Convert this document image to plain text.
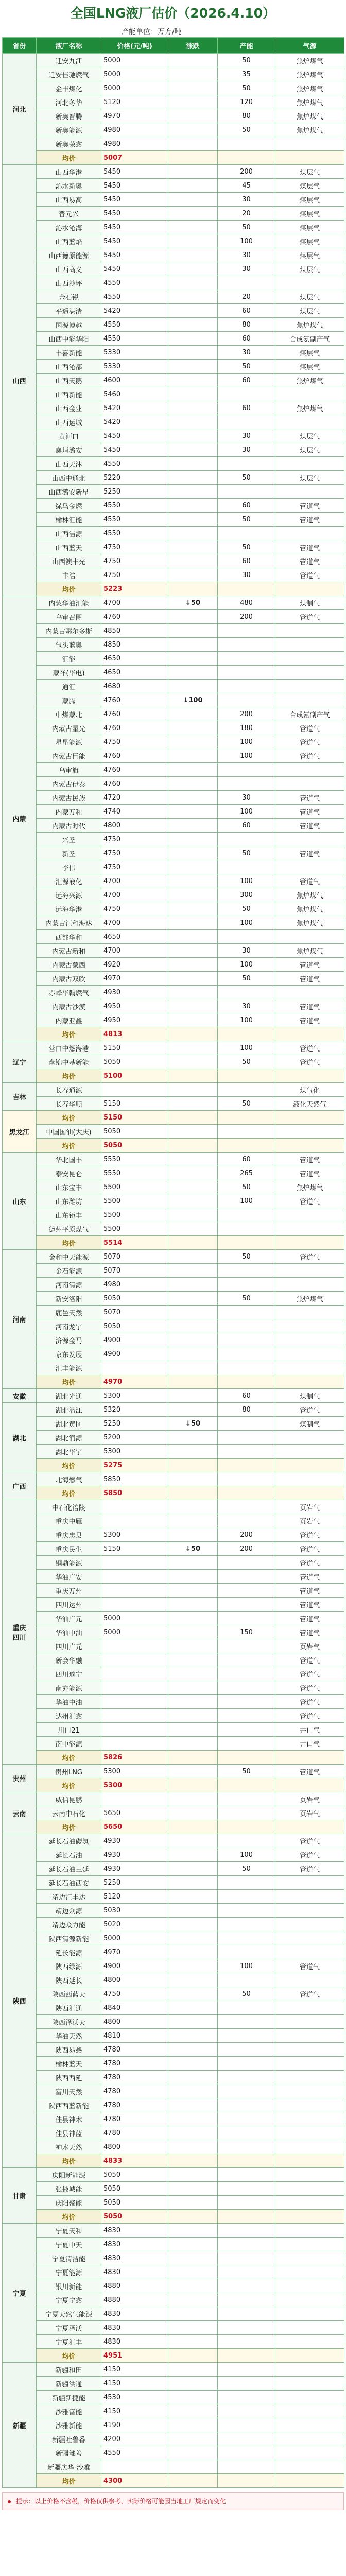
全国LNG液厂估价（2026.4.10）
产能单位：万方/吨
省份	液厂名称	价格(元/吨)	涨跌	产能	气源
河北	迁安九江	5000		50	焦炉煤气
	迁安佳驰燃气	5000		35	焦炉煤气
	金丰煤化	5000		50	焦炉煤气
	河北冬华	5120		120	焦炉煤气
	新奥晋腾	4970		80	焦炉煤气
	新奥能源	4980		50	焦炉煤气
	新奥荣鑫	4980			
	均价	5007			
山西	山西华港	5450		200	煤层气
	沁水新奥	5450		45	煤层气
	山西易高	5450		30	煤层气
	晋元兴	5450		20	煤层气
	沁水沁海	5450		50	煤层气
	山西蓝焰	5450		100	煤层气
	山西德原能源	5450		30	煤层气
	山西高义	5450		30	煤层气
	山西沙坪	4550			
	金石锐	4550		20	煤层气
	平遥湛清	5420		60	煤层气
	国源博越	4550		80	焦炉煤气
	山西中能华阳	4550		60	合成氨副产气
	丰喜新能	5330		30	煤层气
	山西沁都	5330		50	煤层气
	山西天鹅	4600		60	焦炉煤气
	山西新能	5460			
	山西金业	5420		60	焦炉煤气
	山西运城	5420			
	黄河口	5450		30	煤层气
	襄垣潞安	5450		30	煤层气
	山西天沐	4550			
	山西中通北	5220		50	煤层气
	山西潞安新星	5250			
	绿乌金燃	4550		60	管道气
	榆林汇能	4550		50	管道气
	山西洁源	4550			
	山西蓝天	4750		50	管道气
	山西澳丰光	4750		60	管道气
	丰浩	4750		30	管道气
	均价	5223			
内蒙	内蒙华油汇能	4700	↓50	480	煤制气
	乌审召图	4760		200	管道气
	内蒙古鄂尔多斯	4850			
	包头蓝奥	4850			
	汇能	4650			
	蒙祥(华电)	4650			
	通汇	4680			
	蒙腾	4760	↓100		
	中煤蒙北	4760		200	合成氨副产气
	内蒙古星光	4760		180	管道气
	星星能源	4750		100	管道气
	内蒙古巨能	4760		100	管道气
	乌审旗	4760			
	内蒙古伊泰	4760			
	内蒙古民族	4720		30	管道气
	内蒙万和	4740		100	管道气
	内蒙古时代	4800		60	管道气
	兴圣	4750			
	新圣	4750		50	管道气
	李伟	4750			
	汇源液化	4700		100	管道气
	远海兴源	4700		300	焦炉煤气
	远海华港	4750		50	焦炉煤气
	内蒙古汇和海达	4700		100	焦炉煤气
	西部华和	4650			
	内蒙古新和	4700		30	焦炉煤气
	内蒙古蒙西	4920		100	管道气
	内蒙古双欣	4970		50	管道气
	赤峰华翰燃气	4930			
	内蒙古沙漠	4950		30	管道气
	内蒙亚鑫	4950		100	管道气
	均价	4813			
辽宁	营口中燃海港	5150		100	管道气
	盘锦中基新能	5050		50	管道气
	均价	5100			
吉林	长春通源				煤气化
	长春华顺	5150		50	液化天然气
黑龙江	均价	5150			
	中国国油(大庆)	5050			
	均价	5050			
山东	华北国丰	5550		60	管道气
	泰安昆仑	5550		265	管道气
	山东宝丰	5500		50	焦炉煤气
	山东潍坊	5500		100	管道气
	山东钜丰	5500			
	德州平原煤气	5500			
	均价	5514			
河南	金和中天能源	5070		50	管道气
	金石能源	5070			
	河南清源	4980			
	新安洛阳	5050		50	焦炉煤气
	鹿邑天然	5070			
	河南龙宇	5050			
	济源金马	4900			
	京东发展	4900			
	汇丰能源				
	均价	4970			
安徽	湖北光通	5300		60	煤制气
湖北	湖北潜江	5320		80	管道气
	湖北黄冈	5250	↓50		煤制气
	湖北润源	5200			
	湖北华宇	5300			
	均价	5275			
广西	北海燃气	5850			
	均价	5850			
重庆
四川	中石化涪陵				页岩气
	重庆中雁				页岩气
	重庆忠县	5300		200	管道气
	重庆民生	5150	↓50	200	管道气
	铜鼎能源				管道气
	华油广安				管道气
	重庆万州				管道气
	四川达州				管道气
	华油广元	5000			管道气
	华油中油	5000		150	管道气
	四川广元				页岩气
	新会华融				管道气
	四川遂宁				管道气
	南充能源				管道气
	华油中油				管道气
	达州汇鑫				管道气
	川口21				井口气
	南中能源				井口气
	均价	5826			
贵州	贵州LNG	5300		50	管道气
	均价	5300			
云南	威信昆鹏				页岩气
	云南中石化	5650			页岩气
	均价	5650			
陕西	延长石油碳氢	4930			管道气
	延长石油	4930		100	管道气
	延长石油三延	4930		50	管道气
	延长石油西安	5250			
	靖边汇丰达	5120			
	靖边众源	5030			
	靖边众力能	5020			
	陕西清源新能	5000			
	延长能源	4970			
	陕西绿源	4900		100	管道气
	陕西延长	4800			
	陕西西蓝天	4750		50	管道气
	陕西汇通	4840			
	陕西泽沃天	4800			
	华油天然	4810			
	陕西易鑫	4780			
	榆林蓝天	4780			
	陕西西延	4780			
	富川天然	4780			
	陕西西蓝新能	4780			
	佳县神木	4780			
	佳县神蓝	4780			
	神木天然	4800			
	均价	4833			
甘肃	庆阳新能源	5050			
	张掖城能	5050			
	庆阳聚能	5050			
	均价	5050			
宁夏	宁夏天和	4830			
	宁夏中天	4830			
	宁夏清洁能	4830			
	宁夏能源	4830			
	银川新能	4880			
	宁夏宁鑫	4880			
	宁夏天然气能源	4830			
	宁夏泽沃	4830			
	宁夏汇丰	4830			
	均价	4951			
新疆	新疆和田	4150			
	新疆洪通	4150			
	新疆新捷能	4530			
	沙雅富能	4150			
	沙雅新能	4190			
	新疆吐鲁番	4200			
	新疆鄯善	4550			
	新疆庆华-沙雅				
	均价	4300			
提示：以上价格不含税，价格仅供参考，实际价格可能因当地工厂规定而变化
